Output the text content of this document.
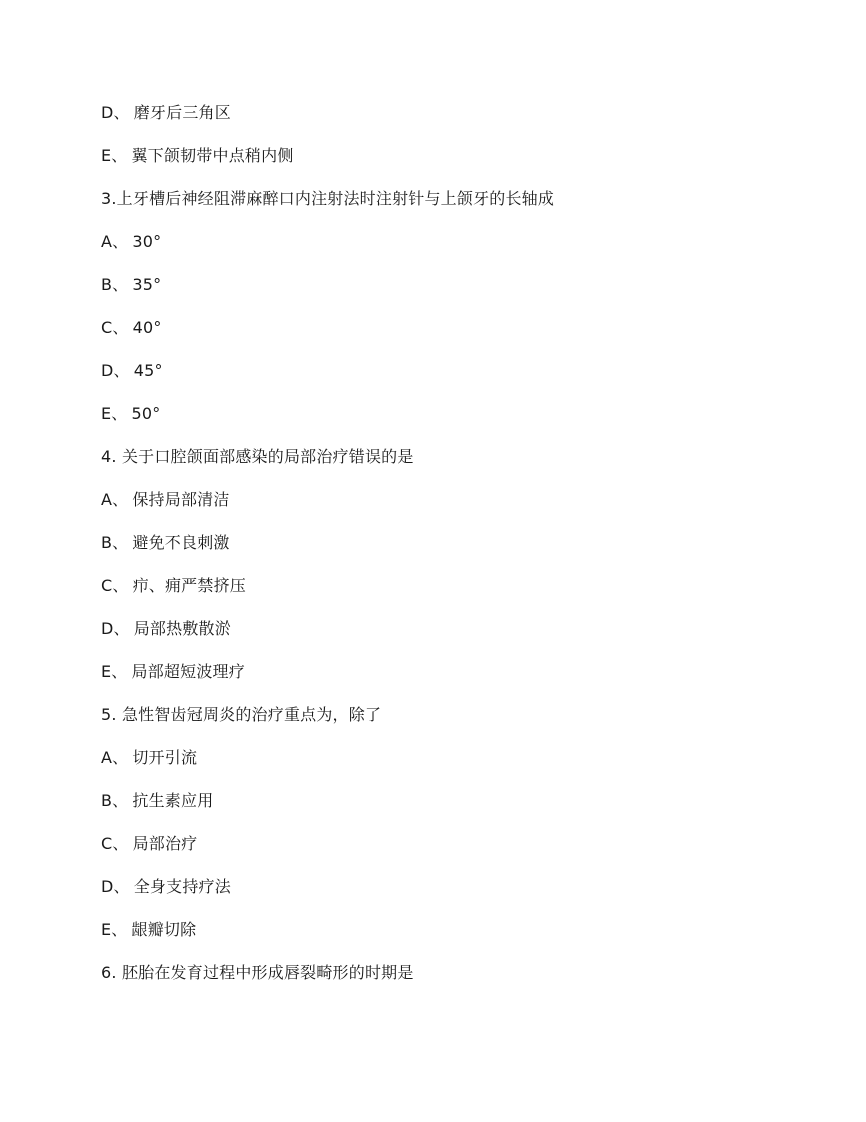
D、 磨牙后三角区
E、 翼下颌韧带中点稍内侧
3.上牙槽后神经阻滞麻醉口内注射法时注射针与上颌牙的长轴成
A、 30°
B、 35°
C、 40°
D、 45°
E、 50°
4. 关于口腔颌面部感染的局部治疗错误的是
A、 保持局部清洁
B、 避免不良刺激
C、 疖、痈严禁挤压
D、 局部热敷散淤
E、 局部超短波理疗
5. 急性智齿冠周炎的治疗重点为，除了
A、 切开引流
B、 抗生素应用
C、 局部治疗
D、 全身支持疗法
E、 龈瓣切除
6. 胚胎在发育过程中形成唇裂畸形的时期是
